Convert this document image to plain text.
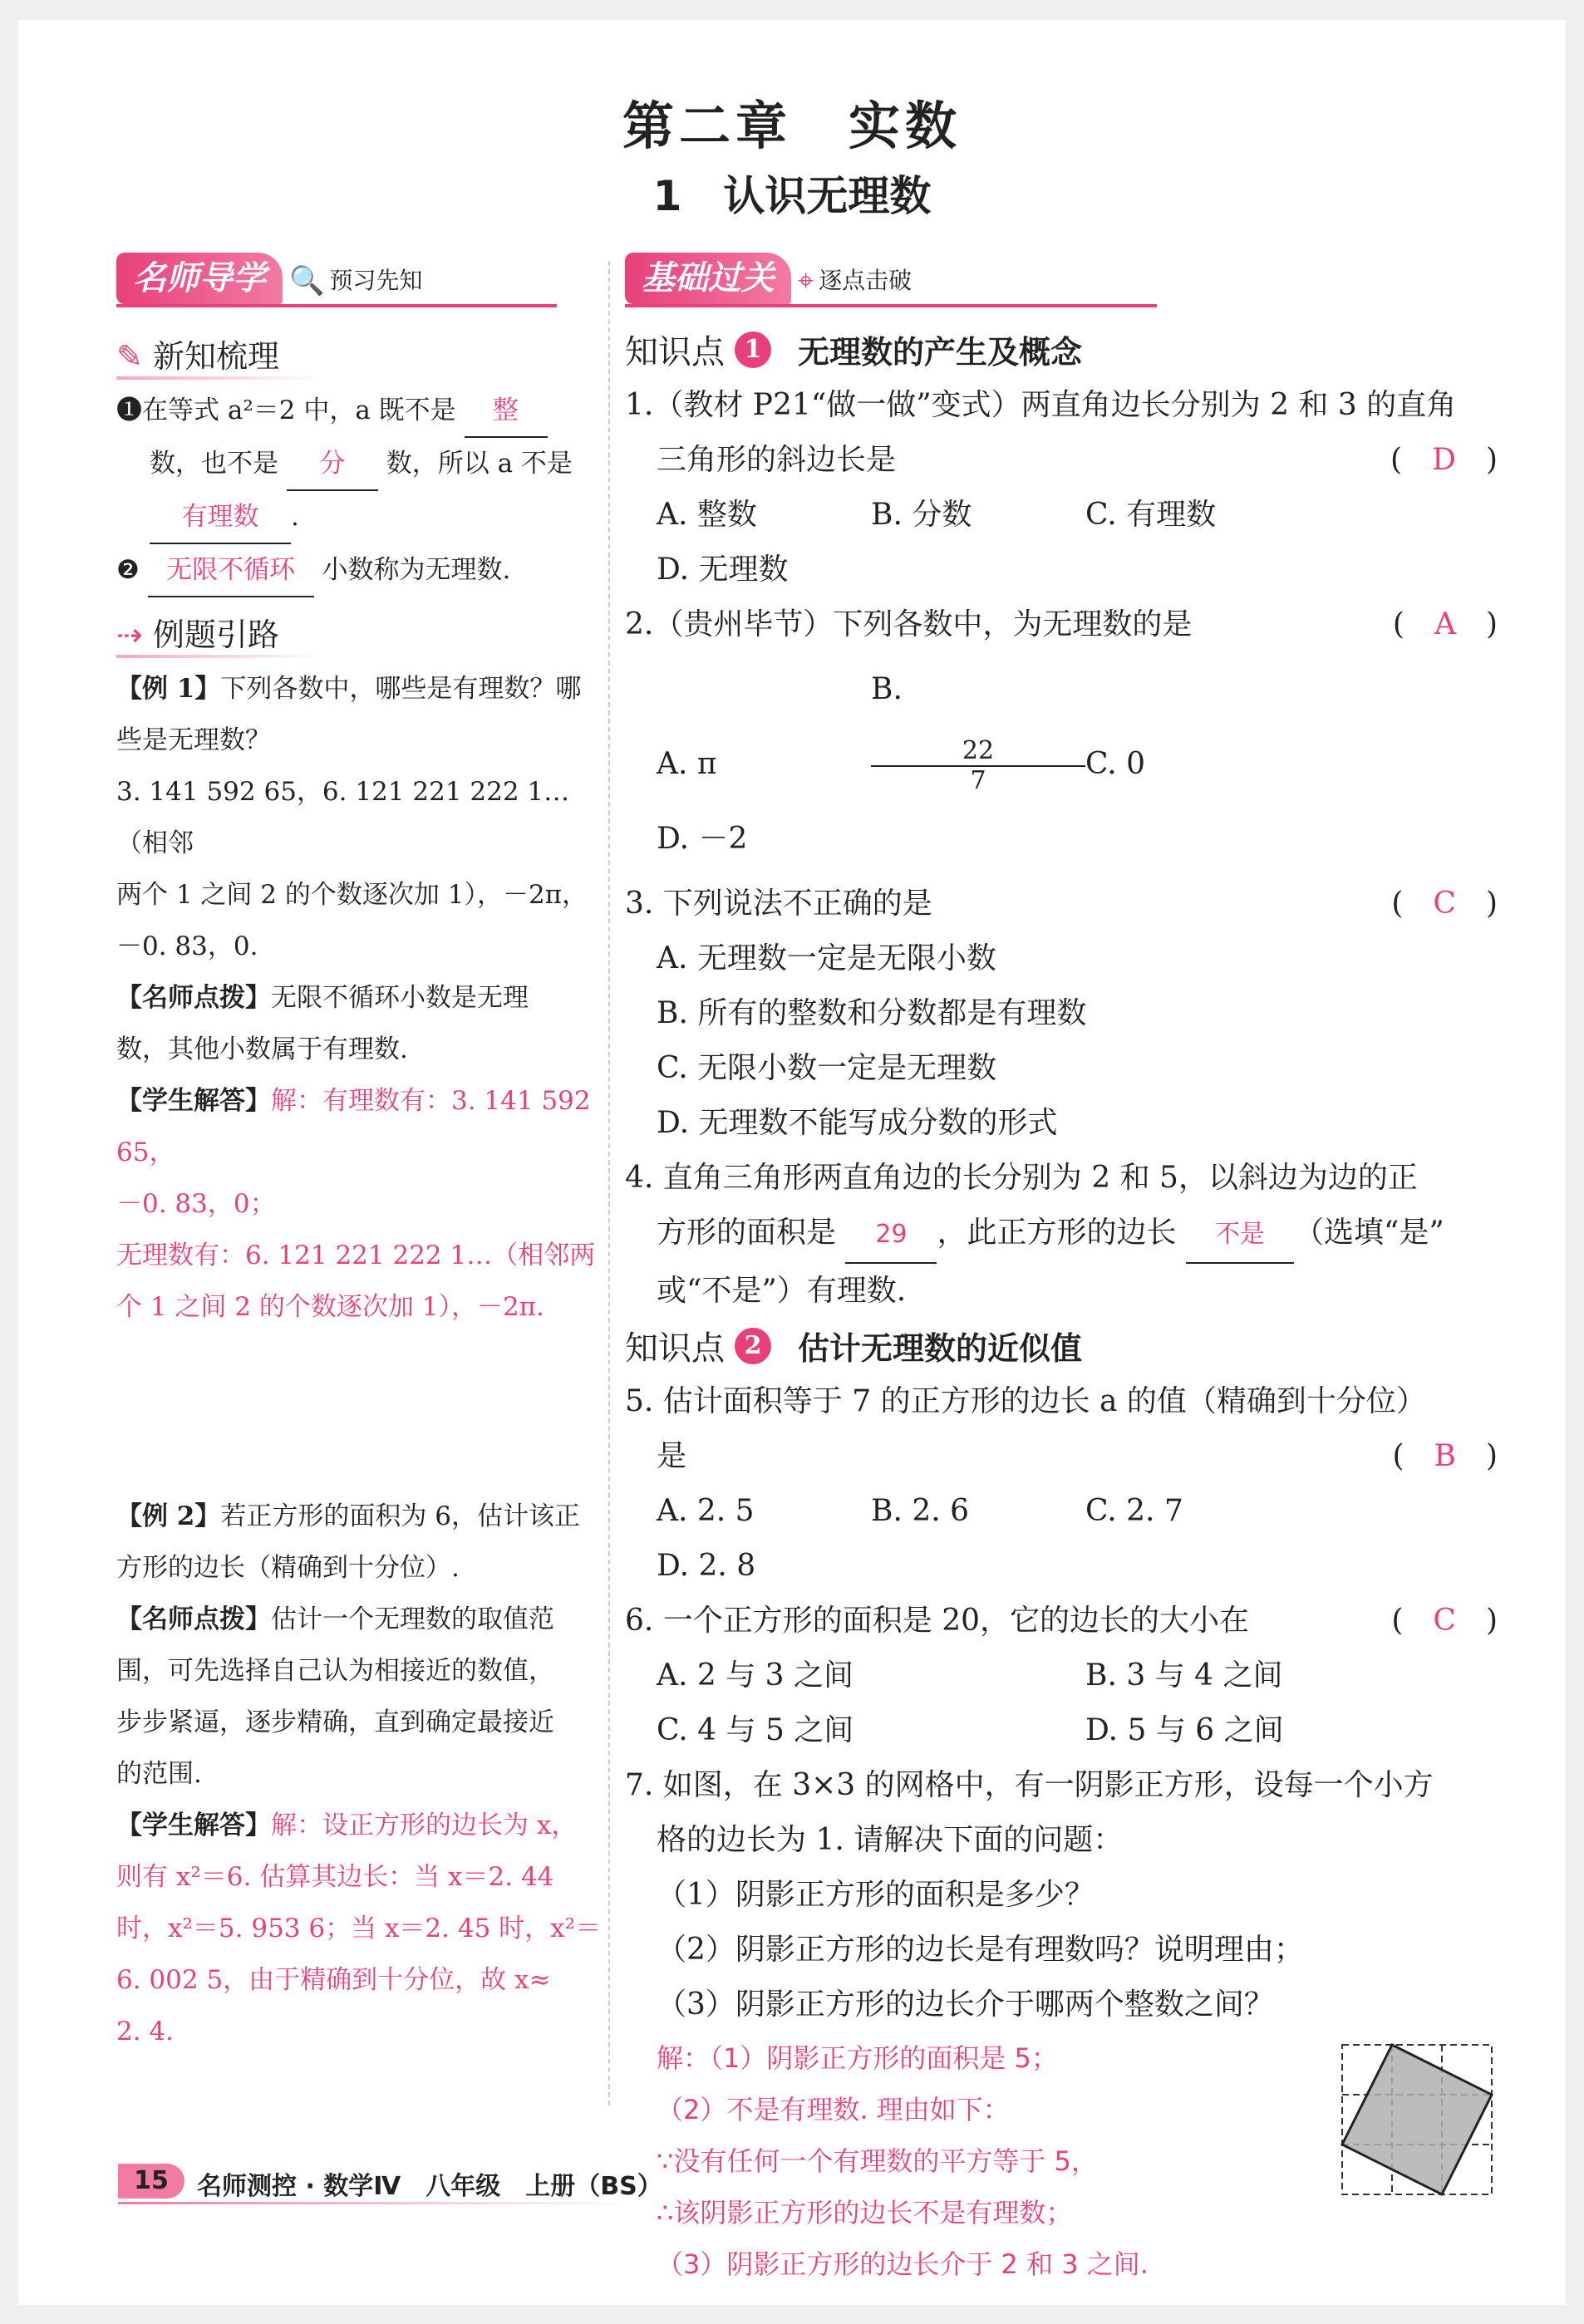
第二章　实数
1　认识无理数
名师导学 🔍 预习先知
✎ 新知梳理
❶在等式 a²＝2 中，a 既不是 整
数，也不是 分 数，所以 a 不是
有理数 .
❷ 无限不循环 小数称为无理数.
⇢ 例题引路
【例 1】下列各数中，哪些是有理数？哪
些是无理数？
3. 141 592 65，6. 121 221 222 1…（相邻
两个 1 之间 2 的个数逐次加 1），－2π，
－0. 83，0.
【名师点拨】无限不循环小数是无理
数，其他小数属于有理数.
【学生解答】解：有理数有：3. 141 592 65，
－0. 83，0；
无理数有：6. 121 221 222 1…（相邻两
个 1 之间 2 的个数逐次加 1），－2π.
【例 2】若正方形的面积为 6，估计该正
方形的边长（精确到十分位）.
【名师点拨】估计一个无理数的取值范
围，可先选择自己认为相接近的数值，
步步紧逼，逐步精确，直到确定最接近
的范围.
【学生解答】解：设正方形的边长为 x，
则有 x²＝6. 估算其边长：当 x＝2. 44
时，x²＝5. 953 6；当 x＝2. 45 时，x²＝
6. 002 5，由于精确到十分位，故 x≈
2. 4.
基础过关 ⌖ 逐点击破
知识点 1	无理数的产生及概念
1.（教材 P21“做一做”变式）两直角边长分别为 2 和 3 的直角
三角形的斜边长是	(　D　)

A. 整数	B. 分数	C. 有理数D. 无理数
2.（贵州毕节）下列各数中，为无理数的是	(　A　)
A. πB.
$\frac{22}{7} C$. 0D. －2
3. 下列说法不正确的是	(　C　)

A. 无理数一定是无限小数
B. 所有的整数和分数都是有理数
C. 无限小数一定是无理数
D. 无理数不能写成分数的形式
4. 直角三角形两直角边的长分别为 2 和 5，以斜边为边的正
方形的面积是 29 ，此正方形的边长 不是 （选填“是”
或“不是”）有理数.
知识点 2	估计无理数的近似值
5. 估计面积等于 7 的正方形的边长 a 的值（精确到十分位）
是	(　B　)

A. 2. 5	B. 2. 6	C. 2. 7D. 2. 8
6. 一个正方形的面积是 20，它的边长的大小在	(　C　)
A. 2 与 3 之间	B. 3 与 4 之间
C. 4 与 5 之间	D. 5 与 6 之间
7. 如图，在 3×3 的网格中，有一阴影正方形，设每一个小方
格的边长为 1. 请解决下面的问题：
（1）阴影正方形的面积是多少？
（2）阴影正方形的边长是有理数吗？说明理由；
（3）阴影正方形的边长介于哪两个整数之间？
解：（1）阴影正方形的面积是 5；
（2）不是有理数. 理由如下：
∵没有任何一个有理数的平方等于 5，
∴该阴影正方形的边长不是有理数；
（3）阴影正方形的边长介于 2 和 3 之间.
15	名师测控 · 数学Ⅳ　八年级　上册（BS）
